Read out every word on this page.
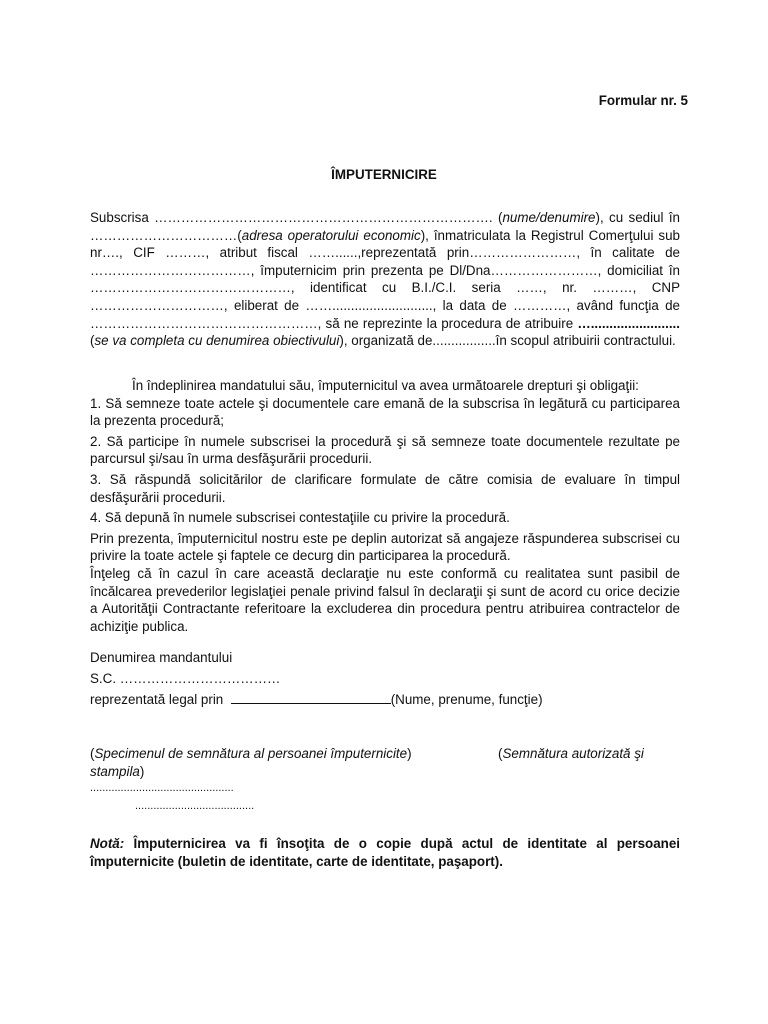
Formular nr. 5
ÎMPUTERNICIRE

Subscrisa …………………………………………………………………. (nume/denumire), cu sediul în ……………………………(adresa operatorului economic), înmatriculata la Registrul Comerţului sub nr…., CIF ………, atribut fiscal ……......,reprezentată prin……………………, în calitate de ………………………………, împuternicim prin prezenta pe Dl/Dna……………………, domiciliat în ………………………………………, identificat cu B.I./C.I. seria ……, nr. ………, CNP …………………………, eliberat de ……..........................., la data de …………, având funcţia de ……………………………………………, să ne reprezinte la procedura de atribuire …........................(se va completa cu denumirea obiectivului), organizată de.................în scopul atribuirii contractului.

În îndeplinirea mandatului său, împuternicitul va avea următoarele drepturi şi obligaţii:

1. Să semneze toate actele şi documentele care emană de la subscrisa în legătură cu participarea la prezenta procedură;

2. Să participe în numele subscrisei la procedură şi să semneze toate documentele rezultate pe parcursul şi/sau în urma desfăşurării procedurii.

3. Să răspundă solicitărilor de clarificare formulate de către comisia de evaluare în timpul desfăşurării procedurii.

4. Să depună în numele subscrisei contestaţiile cu privire la procedură.

Prin prezenta, împuternicitul nostru este pe deplin autorizat să angajeze răspunderea subscrisei cu privire la toate actele şi faptele ce decurg din participarea la procedură.

Înţeleg că în cazul în care această declaraţie nu este conformă cu realitatea sunt pasibil de încălcarea prevederilor legislaţiei penale privind falsul în declaraţii şi sunt de acord cu orice decizie a Autorităţii Contractante referitoare la excluderea din procedura pentru atribuirea contractelor de achiziţie publica.

Denumirea mandantului

S.C. ………………………………

reprezentată legal prin	(Nume, prenume, funcţie)

(Specimenul de semnătura al persoanei împuternicite)	(Semnătura autorizată şi
stampila)
...............................................
.......................................

Notă: Împuternicirea va fi însoţita de o copie după actul de identitate al persoanei împuternicite (buletin de identitate, carte de identitate, paşaport).
